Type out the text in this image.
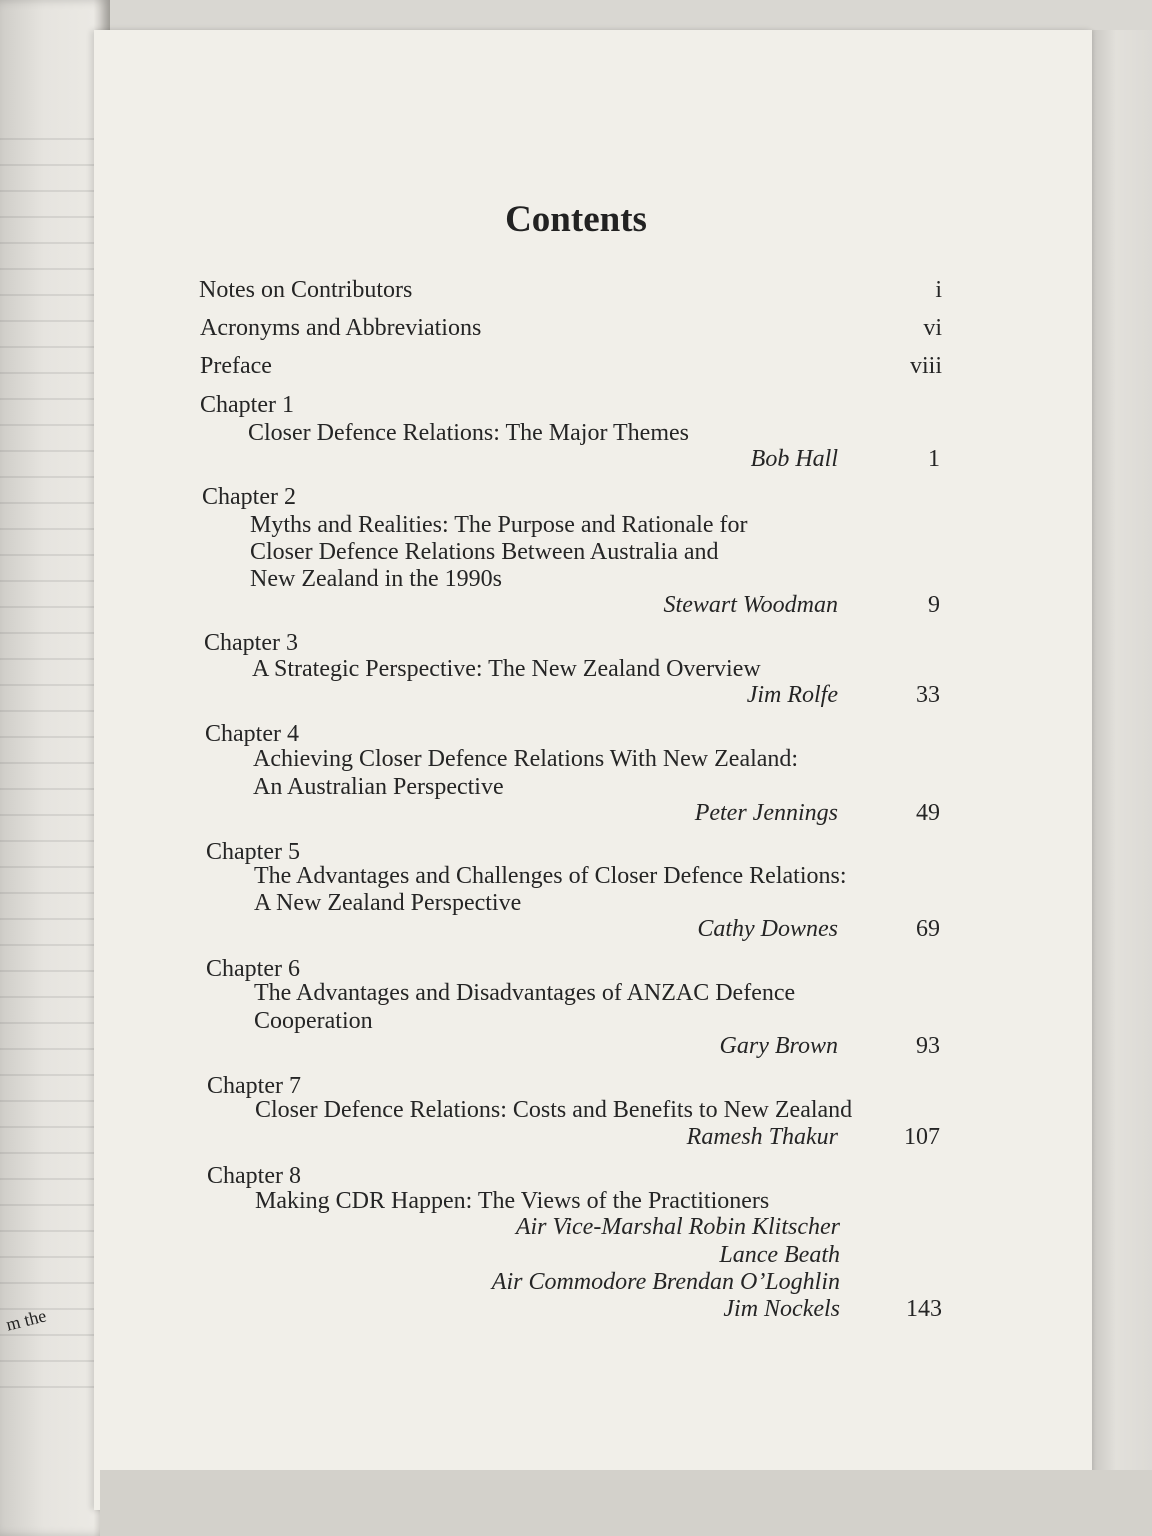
m the
Contents
Notes on Contributors	i
Acronyms and Abbreviations	vi
Preface	viii
Chapter 1
Closer Defence Relations: The Major Themes
Bob Hall	1
Chapter 2
Myths and Realities: The Purpose and Rationale for
Closer Defence Relations Between Australia and
New Zealand in the 1990s
Stewart Woodman	9
Chapter 3
A Strategic Perspective: The New Zealand Overview
Jim Rolfe	33
Chapter 4
Achieving Closer Defence Relations With New Zealand:
An Australian Perspective
Peter Jennings	49
Chapter 5
The Advantages and Challenges of Closer Defence Relations:
A New Zealand Perspective
Cathy Downes	69
Chapter 6
The Advantages and Disadvantages of ANZAC Defence
Cooperation
Gary Brown	93
Chapter 7
Closer Defence Relations: Costs and Benefits to New Zealand
Ramesh Thakur	107
Chapter 8
Making CDR Happen: The Views of the Practitioners
Air Vice-Marshal Robin Klitscher
Lance Beath
Air Commodore Brendan O’Loghlin
Jim Nockels	143
